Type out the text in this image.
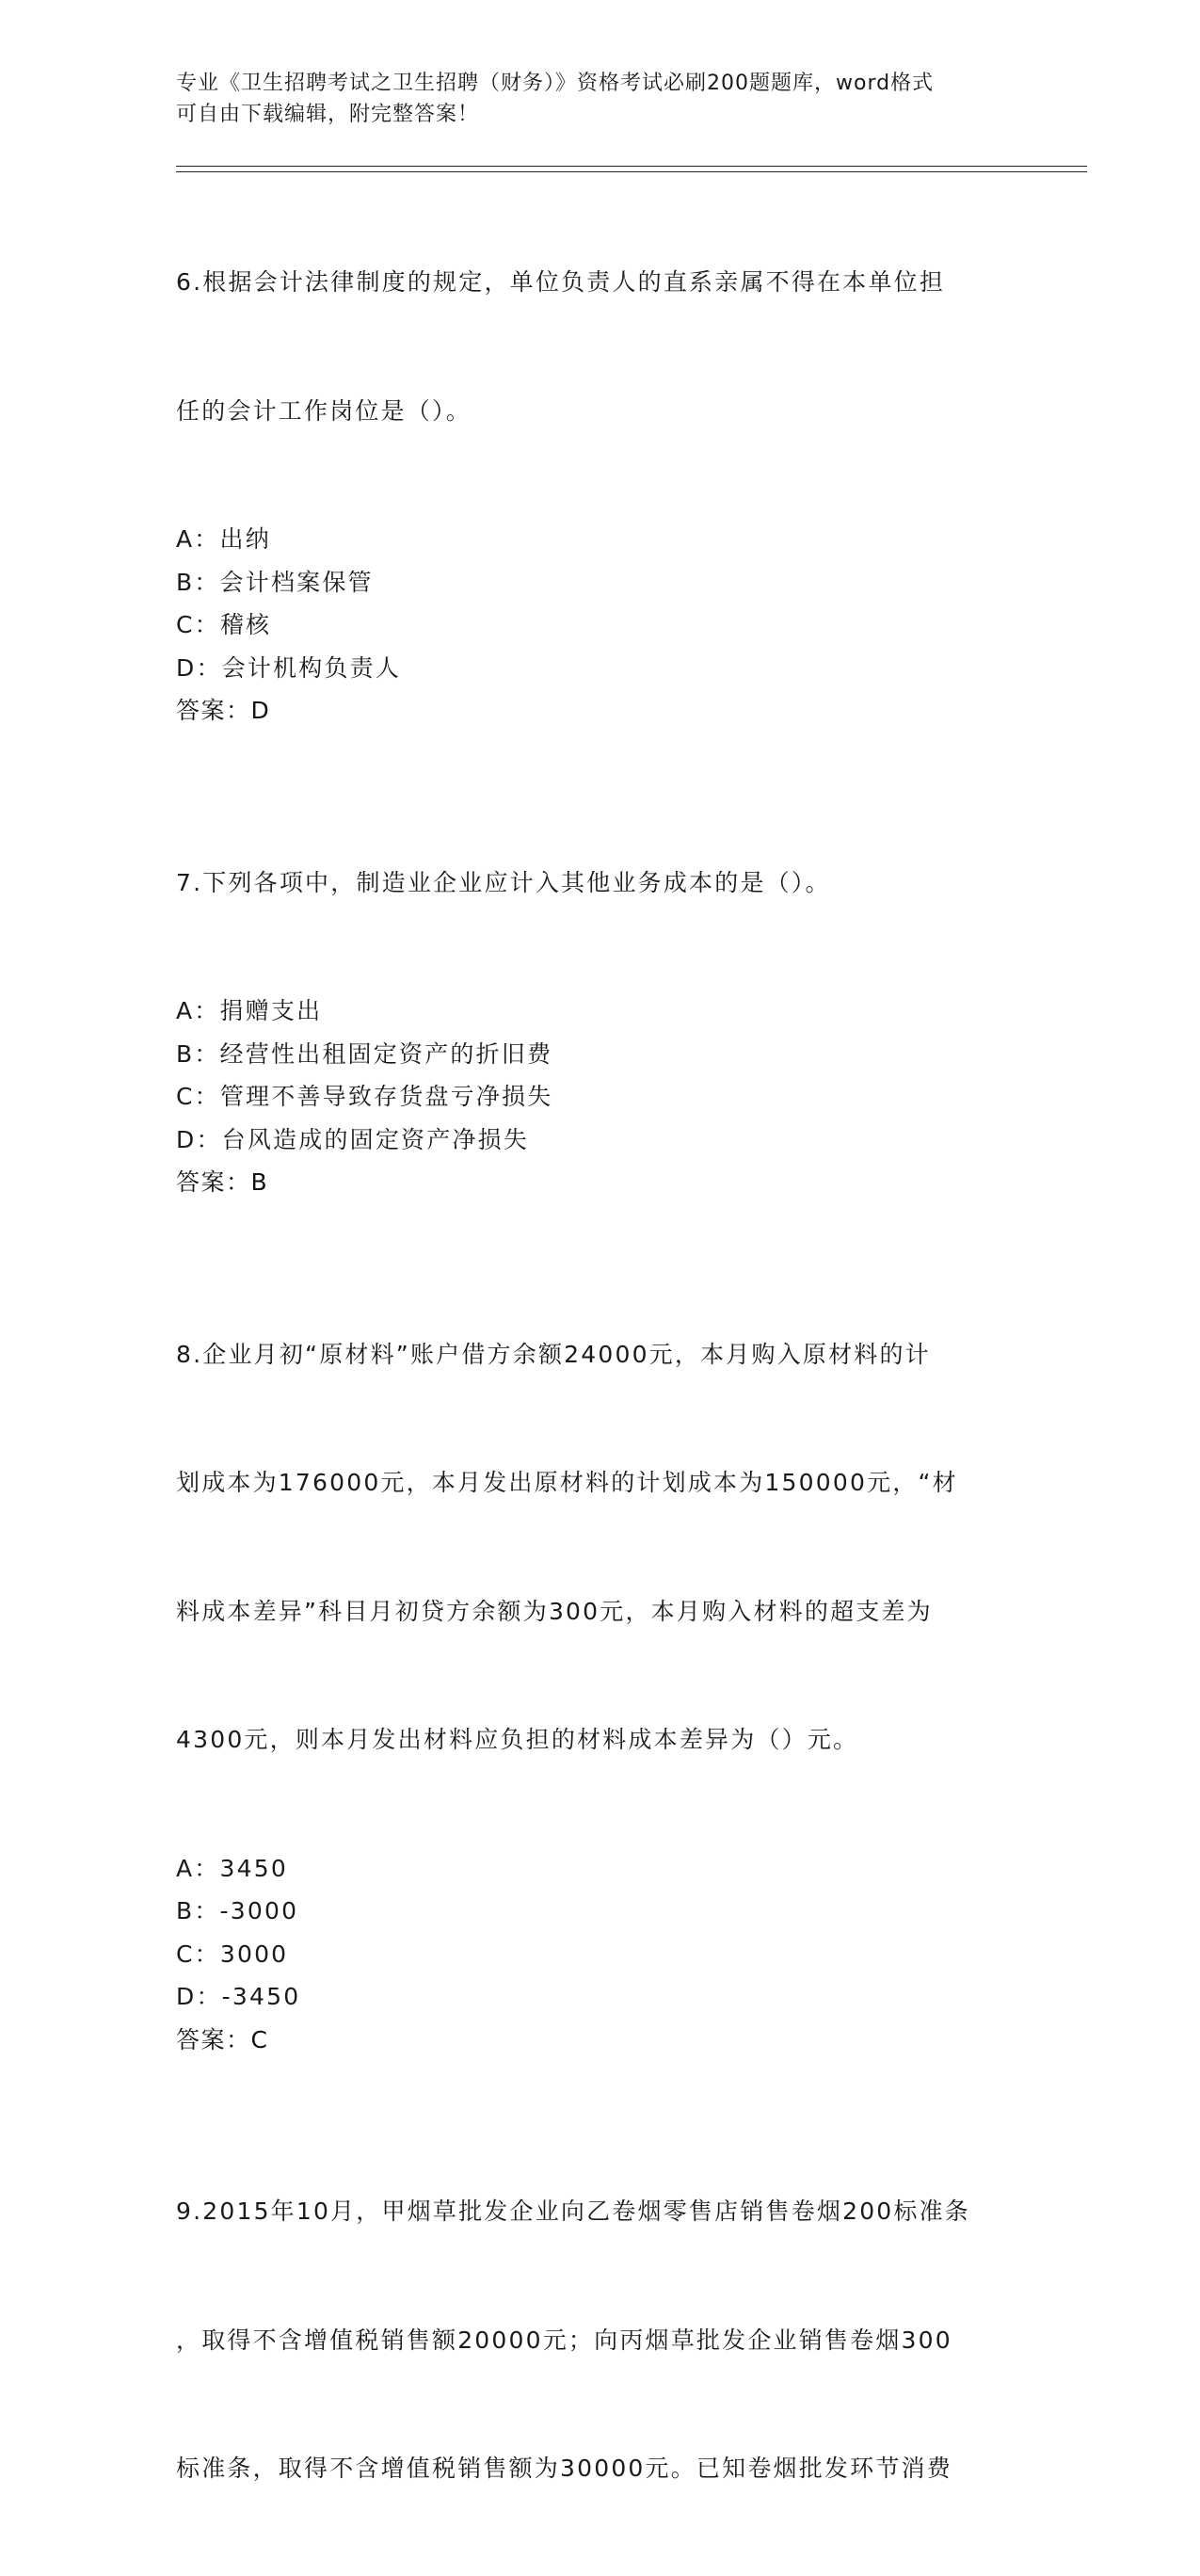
专业《卫生招聘考试之卫生招聘（财务）》资格考试必刷200题题库，word格式
可自由下载编辑，附完整答案！

6.根据会计法律制度的规定，单位负责人的直系亲属不得在本单位担

任的会计工作岗位是（）。

A：出纳
B：会计档案保管
C：稽核
D：会计机构负责人
答案：D

7.下列各项中，制造业企业应计入其他业务成本的是（）。

A：捐赠支出
B：经营性出租固定资产的折旧费
C：管理不善导致存货盘亏净损失
D：台风造成的固定资产净损失
答案：B

8.企业月初“原材料”账户借方余额24000元，本月购入原材料的计

划成本为176000元，本月发出原材料的计划成本为150000元，“材

料成本差异”科目月初贷方余额为300元，本月购入材料的超支差为

4300元，则本月发出材料应负担的材料成本差异为（）元。

A：3450
B：-3000
C：3000
D：-3450
答案：C

9.2015年10月，甲烟草批发企业向乙卷烟零售店销售卷烟200标准条

，取得不含增值税销售额20000元；向丙烟草批发企业销售卷烟300

标准条，取得不含增值税销售额为30000元。已知卷烟批发环节消费
